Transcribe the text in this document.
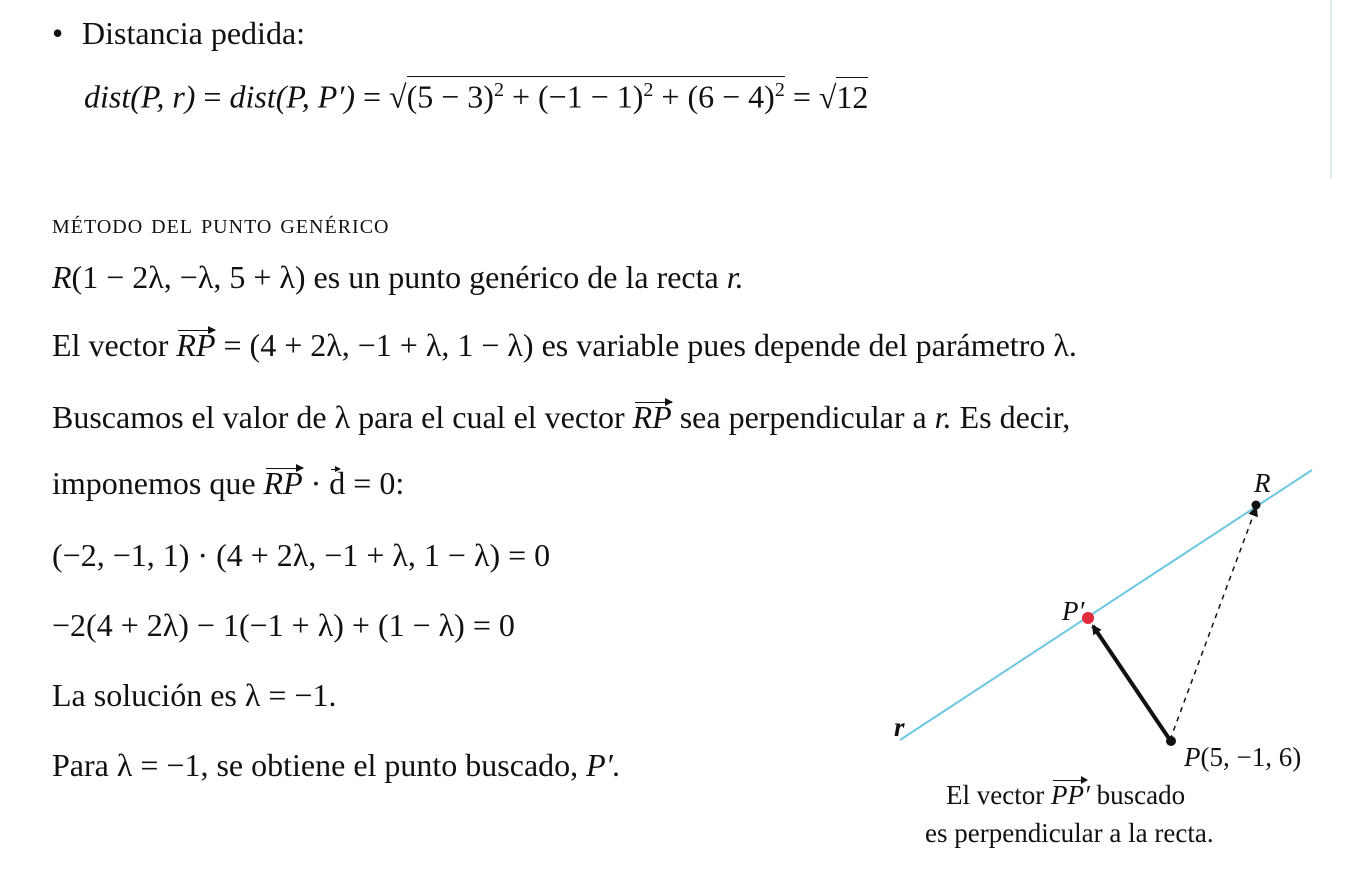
• Distancia pedida:
dist(P, r) = dist(P, $P') = √(5 - 3)^2 + (-1 - 1)^2 + (6 - 4)^2 = √12$
método del punto genérico
R(1 − 2λ, −λ, 5 + λ) es un punto genérico de la recta r.
El vector RP = (4 + 2λ, −1 + λ, 1 − λ) es variable pues depende del parámetro λ.
Buscamos el valor de λ para el cual el vector RP sea perpendicular a r. Es decir,
imponemos que RP · d = 0:
(−2, −1, 1) · (4 + 2λ, −1 + λ, 1 − λ) = 0
−2(4 + 2λ) − 1(−1 + λ) + (1 − λ) = 0
La solución es λ = −1.
Para λ = −1, se obtiene el punto buscado, P′.
R
P′
r
P(5, −1, 6)
El vector PP′ buscado
es perpendicular a la recta.
